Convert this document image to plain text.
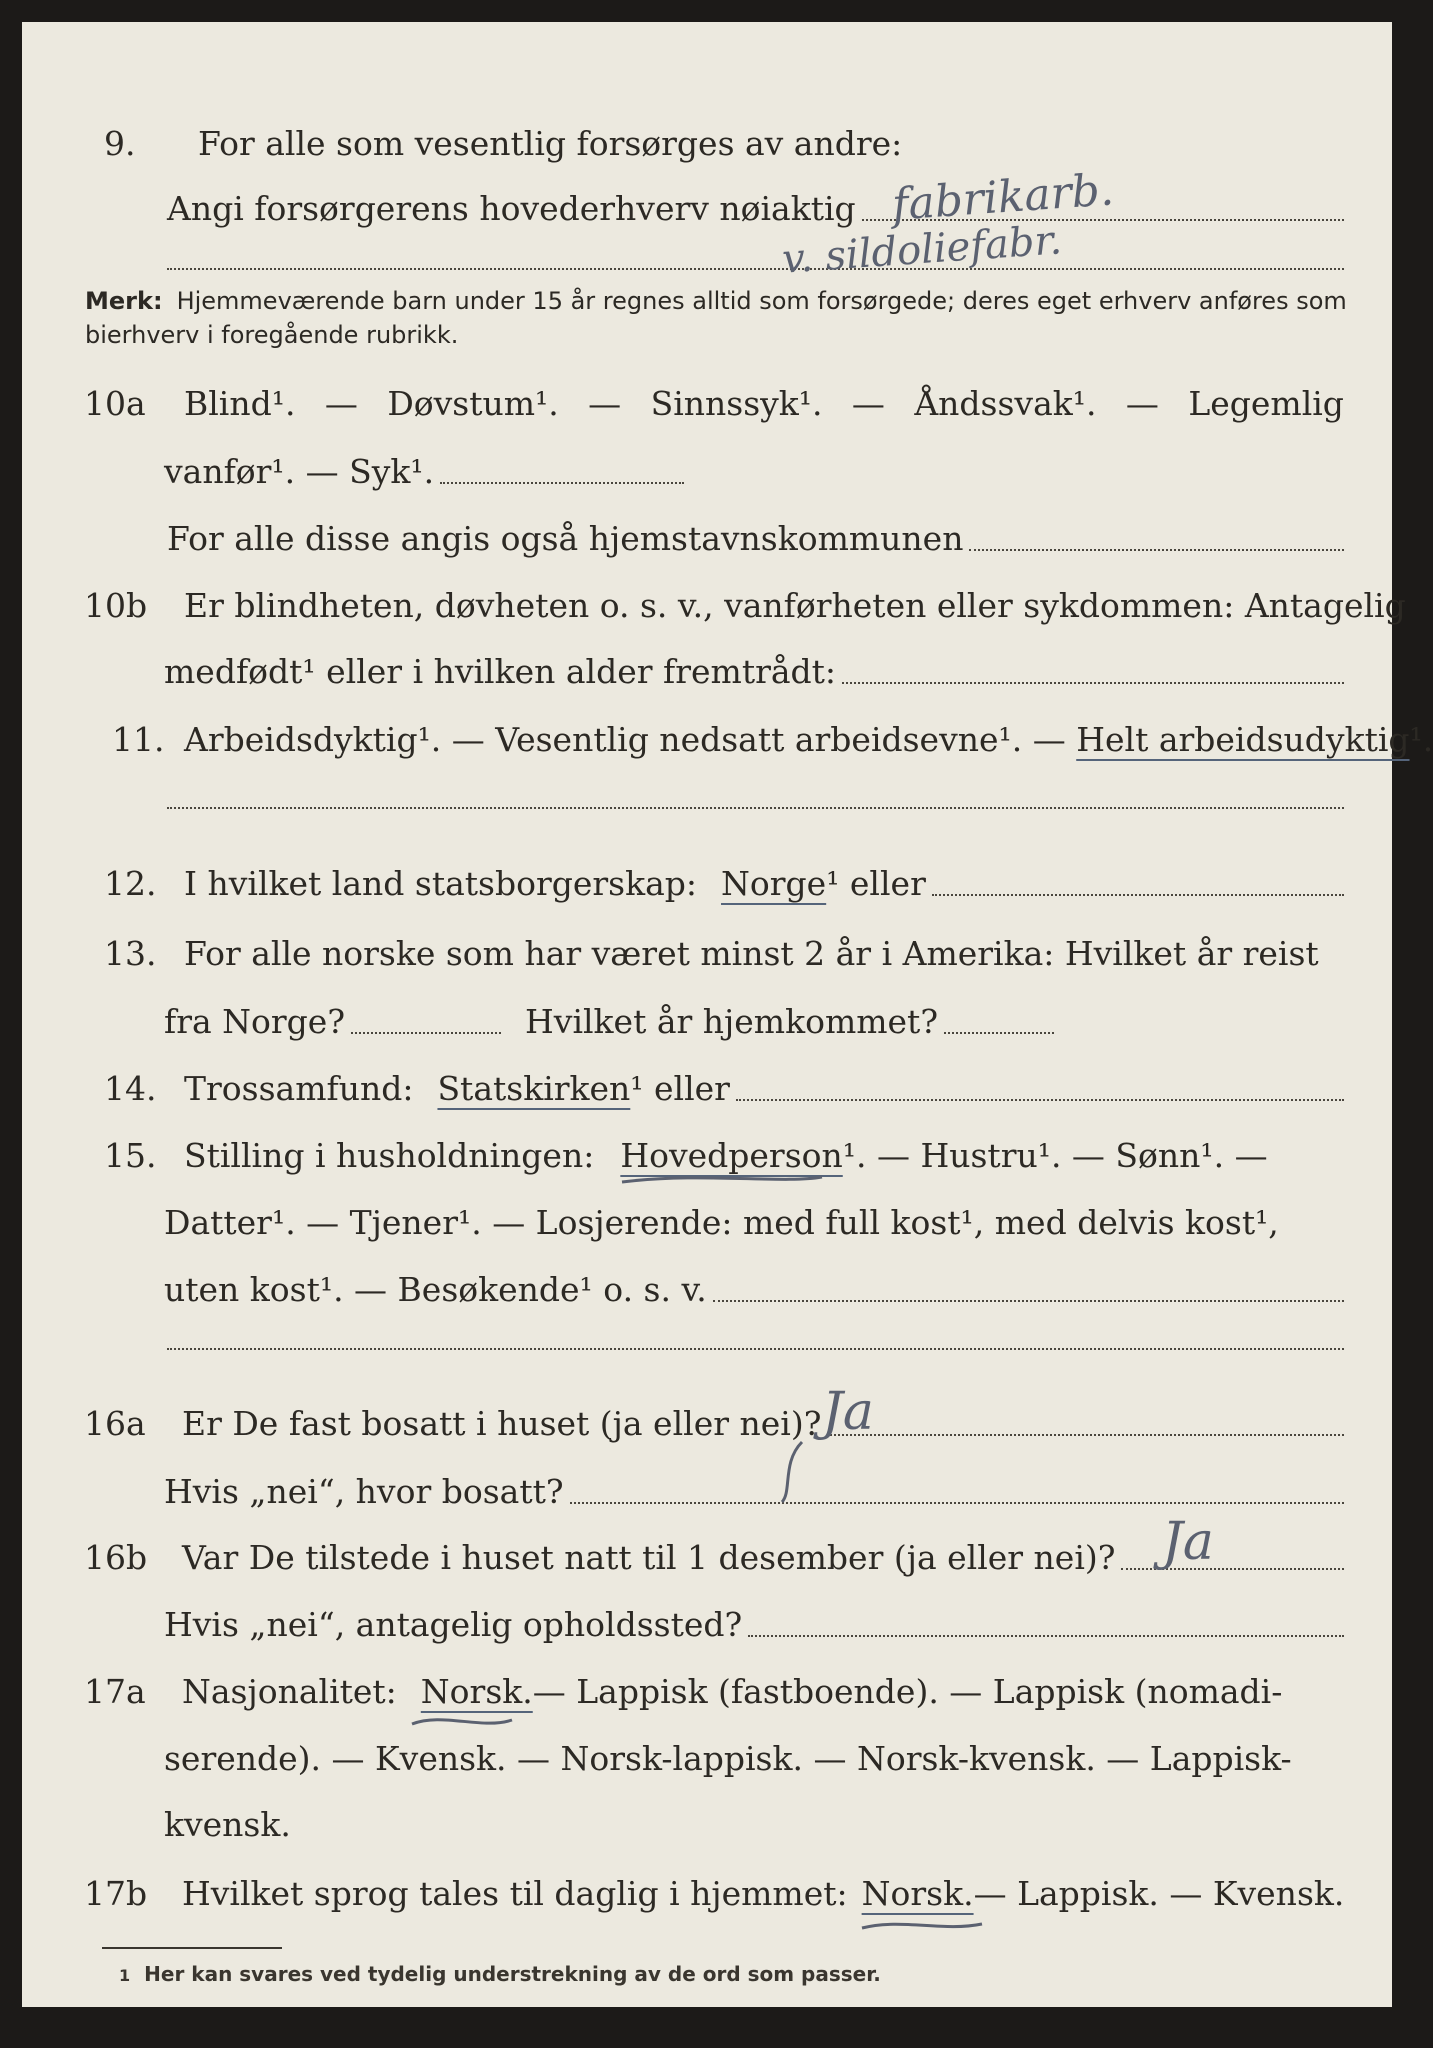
9.	For alle som vesentlig forsørges av andre:
Angi forsørgerens hovederhverv nøiaktig fabrikarb.
v. sildoliefabr.
Merk: Hjemmeværende barn under 15 år regnes alltid som forsørgede; deres eget erhverv anføres som bierhverv i foregående rubrikk.
10a	Blind¹. — Døvstum¹. — Sinnssyk¹. — Åndssvak¹. — Legemlig
vanfør¹. — Syk¹.
For alle disse angis også hjemstavnskommunen
10b	Er blindheten, døvheten o. s. v., vanførheten eller sykdommen: Antagelig
medfødt¹ eller i hvilken alder fremtrådt:
11. Arbeidsdyktig¹. — Vesentlig nedsatt arbeidsevne¹. — Helt arbeidsudyktig¹.
12. I hvilket land statsborgerskap: Norge ¹ eller
13. For alle norske som har været minst 2 år i Amerika: Hvilket år reist
fra Norge?	Hvilket år hjemkommet?
14. Trossamfund: Statskirken ¹ eller
15. Stilling i husholdningen: Hovedperson ¹. — Hustru¹. — Sønn¹. —
Datter¹. — Tjener¹. — Losjerende: med full kost¹, med delvis kost¹,
uten kost¹. — Besøkende¹ o. s. v.
16a	Er De fast bosatt i huset (ja eller nei)? Ja
Hvis „nei“, hvor bosatt?
16b	Var De tilstede i huset natt til 1 desember (ja eller nei)? Ja
Hvis „nei“, antagelig opholdssted?
17a	Nasjonalitet: Norsk. — Lappisk (fastboende). — Lappisk (nomadi-
serende). — Kvensk. — Norsk-lappisk. — Norsk-kvensk. — Lappisk-
kvensk.
17b	Hvilket sprog tales til daglig i hjemmet: Norsk. — Lappisk. — Kvensk.
1 Her kan svares ved tydelig understrekning av de ord som passer.
